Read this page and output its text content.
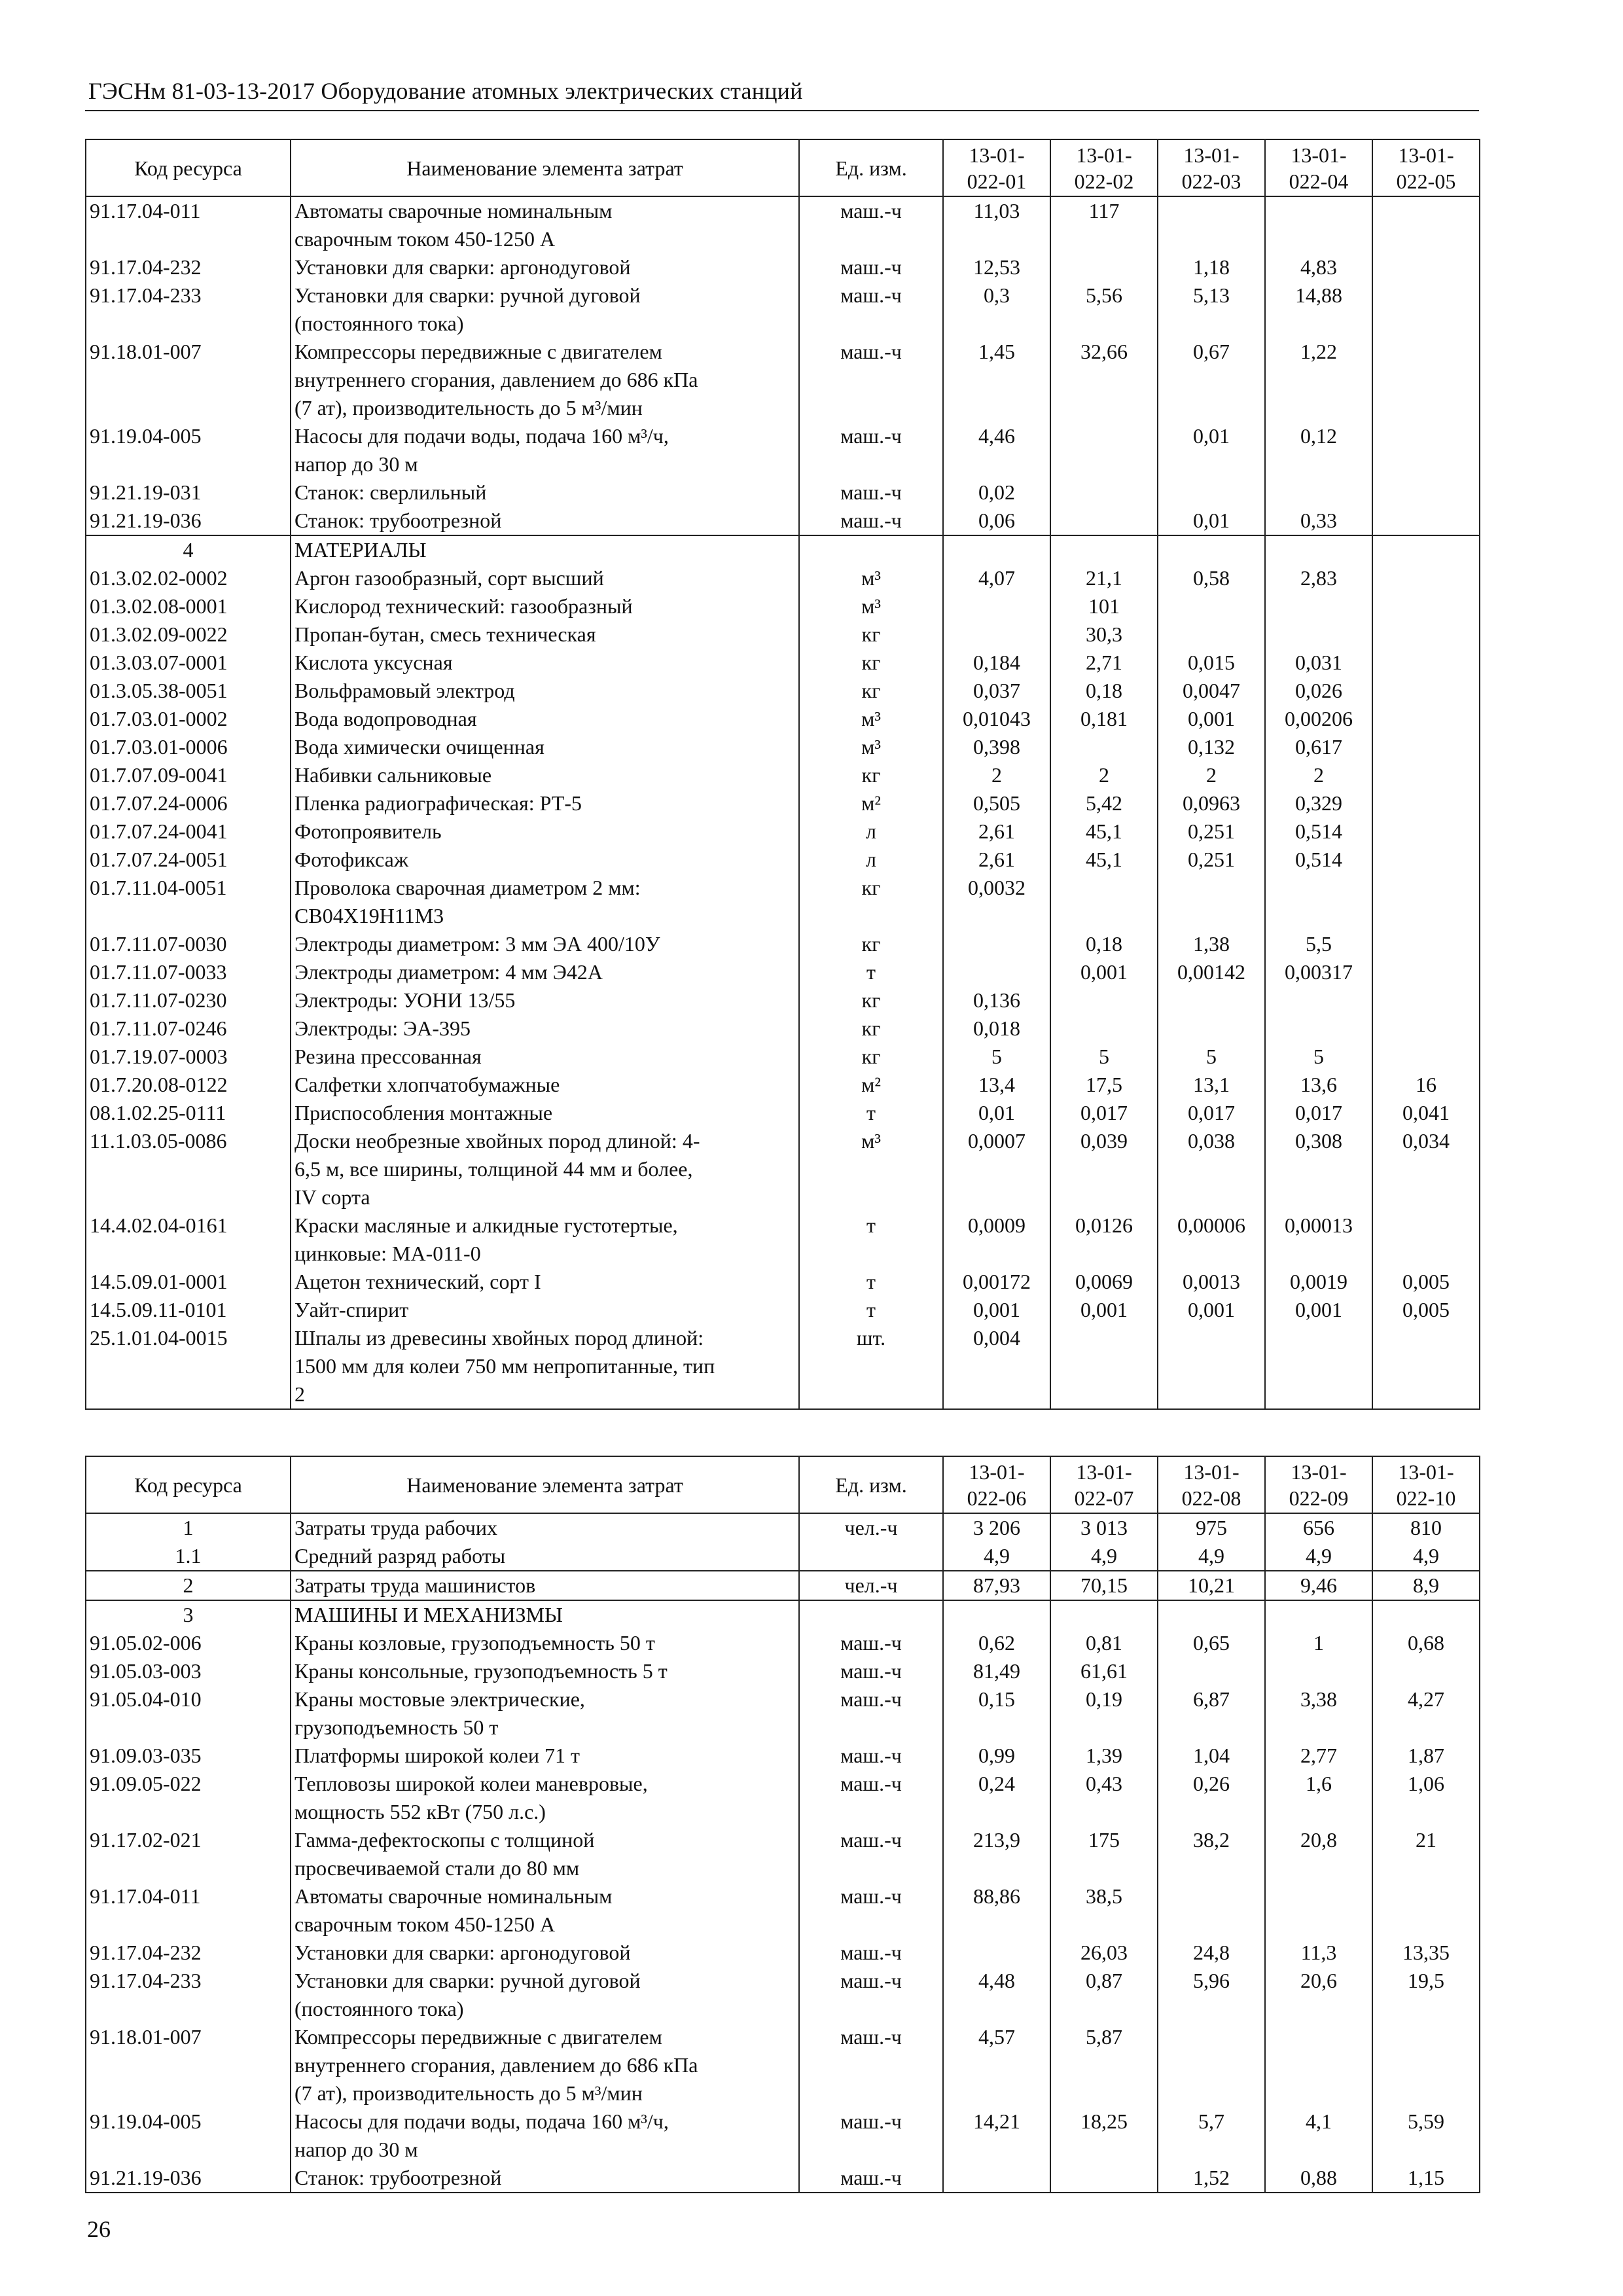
ГЭСНм 81-03-13-2017 Оборудование атомных электрических станций
Код ресурса	Наименование элемента затрат	Ед. изм.	13-01-
022-01	13-01-
022-02	13-01-
022-03	13-01-
022-04	13-01-
022-05
91.17.04-011	Автоматы сварочные номинальным
сварочным током 450-1250 А	маш.-ч	11,03	117			
91.17.04-232	Установки для сварки: аргонодуговой	маш.-ч	12,53		1,18	4,83	
91.17.04-233	Установки для сварки: ручной дуговой
(постоянного тока)	маш.-ч	0,3	5,56	5,13	14,88	
91.18.01-007	Компрессоры передвижные с двигателем
внутреннего сгорания, давлением до 686 кПа
(7 ат), производительность до 5 м³/мин	маш.-ч	1,45	32,66	0,67	1,22	
91.19.04-005	Насосы для подачи воды, подача 160 м³/ч,
напор до 30 м	маш.-ч	4,46		0,01	0,12	
91.21.19-031	Станок: сверлильный	маш.-ч	0,02				
91.21.19-036	Станок: трубоотрезной	маш.-ч	0,06		0,01	0,33	
4	МАТЕРИАЛЫ						
01.3.02.02-0002	Аргон газообразный, сорт высший	м³	4,07	21,1	0,58	2,83	
01.3.02.08-0001	Кислород технический: газообразный	м³		101			
01.3.02.09-0022	Пропан-бутан, смесь техническая	кг		30,3			
01.3.03.07-0001	Кислота уксусная	кг	0,184	2,71	0,015	0,031	
01.3.05.38-0051	Вольфрамовый электрод	кг	0,037	0,18	0,0047	0,026	
01.7.03.01-0002	Вода водопроводная	м³	0,01043	0,181	0,001	0,00206	
01.7.03.01-0006	Вода химически очищенная	м³	0,398		0,132	0,617	
01.7.07.09-0041	Набивки сальниковые	кг	2	2	2	2	
01.7.07.24-0006	Пленка радиографическая: РТ-5	м²	0,505	5,42	0,0963	0,329	
01.7.07.24-0041	Фотопроявитель	л	2,61	45,1	0,251	0,514	
01.7.07.24-0051	Фотофиксаж	л	2,61	45,1	0,251	0,514	
01.7.11.04-0051	Проволока сварочная диаметром 2 мм:
СВ04Х19Н11М3	кг	0,0032				
01.7.11.07-0030	Электроды диаметром: 3 мм ЭА 400/10У	кг		0,18	1,38	5,5	
01.7.11.07-0033	Электроды диаметром: 4 мм Э42А	т		0,001	0,00142	0,00317	
01.7.11.07-0230	Электроды: УОНИ 13/55	кг	0,136				
01.7.11.07-0246	Электроды: ЭА-395	кг	0,018				
01.7.19.07-0003	Резина прессованная	кг	5	5	5	5	
01.7.20.08-0122	Салфетки хлопчатобумажные	м²	13,4	17,5	13,1	13,6	16
08.1.02.25-0111	Приспособления монтажные	т	0,01	0,017	0,017	0,017	0,041
11.1.03.05-0086	Доски необрезные хвойных пород длиной: 4-
6,5 м, все ширины, толщиной 44 мм и более,
IV сорта	м³	0,0007	0,039	0,038	0,308	0,034
14.4.02.04-0161	Краски масляные и алкидные густотертые,
цинковые: МА-011-0	т	0,0009	0,0126	0,00006	0,00013	
14.5.09.01-0001	Ацетон технический, сорт I	т	0,00172	0,0069	0,0013	0,0019	0,005
14.5.09.11-0101	Уайт-спирит	т	0,001	0,001	0,001	0,001	0,005
25.1.01.04-0015	Шпалы из древесины хвойных пород длиной:
1500 мм для колеи 750 мм непропитанные, тип
2	шт.	0,004				
Код ресурса	Наименование элемента затрат	Ед. изм.	13-01-
022-06	13-01-
022-07	13-01-
022-08	13-01-
022-09	13-01-
022-10
1	Затраты труда рабочих	чел.-ч	3 206	3 013	975	656	810
1.1	Средний разряд работы		4,9	4,9	4,9	4,9	4,9
2	Затраты труда машинистов	чел.-ч	87,93	70,15	10,21	9,46	8,9
3	МАШИНЫ И МЕХАНИЗМЫ						
91.05.02-006	Краны козловые, грузоподъемность 50 т	маш.-ч	0,62	0,81	0,65	1	0,68
91.05.03-003	Краны консольные, грузоподъемность 5 т	маш.-ч	81,49	61,61			
91.05.04-010	Краны мостовые электрические,
грузоподъемность 50 т	маш.-ч	0,15	0,19	6,87	3,38	4,27
91.09.03-035	Платформы широкой колеи 71 т	маш.-ч	0,99	1,39	1,04	2,77	1,87
91.09.05-022	Тепловозы широкой колеи маневровые,
мощность 552 кВт (750 л.с.)	маш.-ч	0,24	0,43	0,26	1,6	1,06
91.17.02-021	Гамма-дефектоскопы с толщиной
просвечиваемой стали до 80 мм	маш.-ч	213,9	175	38,2	20,8	21
91.17.04-011	Автоматы сварочные номинальным
сварочным током 450-1250 А	маш.-ч	88,86	38,5			
91.17.04-232	Установки для сварки: аргонодуговой	маш.-ч		26,03	24,8	11,3	13,35
91.17.04-233	Установки для сварки: ручной дуговой
(постоянного тока)	маш.-ч	4,48	0,87	5,96	20,6	19,5
91.18.01-007	Компрессоры передвижные с двигателем
внутреннего сгорания, давлением до 686 кПа
(7 ат), производительность до 5 м³/мин	маш.-ч	4,57	5,87			
91.19.04-005	Насосы для подачи воды, подача 160 м³/ч,
напор до 30 м	маш.-ч	14,21	18,25	5,7	4,1	5,59
91.21.19-036	Станок: трубоотрезной	маш.-ч			1,52	0,88	1,15
26
